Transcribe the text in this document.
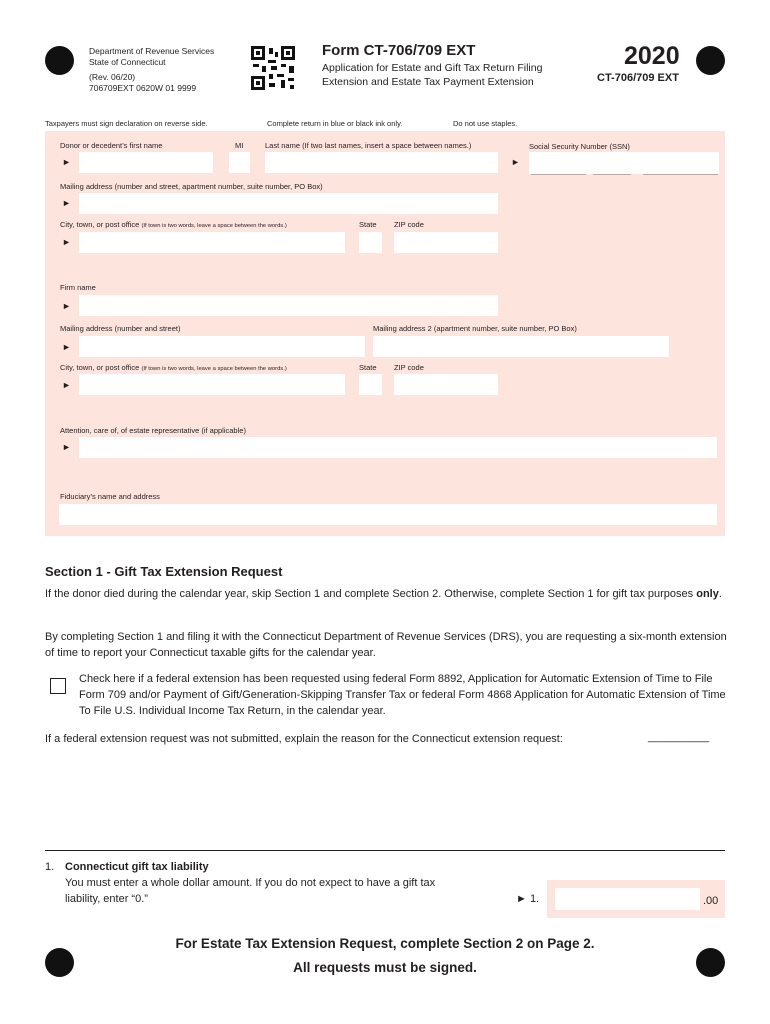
Department of Revenue Services
State of Connecticut
(Rev. 06/20)
706709EXT 0620W 01 9999
Form CT-706/709 EXT
Application for Estate and Gift Tax Return Filing
Extension and Estate Tax Payment Extension
2020
CT-706/709 EXT
Taxpayers must sign declaration on reverse side.	Complete return in blue or black ink only.	Do not use staples.
Donor or decedent’s first name	MI	Last name (If two last names, insert a space between names.)	Social Security Number (SSN)
►	►
Mailing address (number and street, apartment number, suite number, PO Box)
►
City, town, or post office (If town is two words, leave a space between the words.)	State ZIP code
►
Firm name
►
Mailing address (number and street)	Mailing address 2 (apartment number, suite number, PO Box)
►
City, town, or post office (If town is two words, leave a space between the words.)	State ZIP code
►
Attention, care of, of estate representative (if applicable)
►
Fiduciary’s name and address
Section 1 - Gift Tax Extension Request
If the donor died during the calendar year, skip Section 1 and complete Section 2. Otherwise, complete Section 1 for gift tax purposes only.
By completing Section 1 and filing it with the Connecticut Department of Revenue Services (DRS), you are requesting a six-month extension of time to report your Connecticut taxable gifts for the calendar year.
Check here if a federal extension has been requested using federal Form 8892, Application for Automatic Extension of Time to File Form 709 and/or Payment of Gift/Generation-Skipping Transfer Tax or federal Form 4868 Application for Automatic Extension of Time To File U.S. Individual Income Tax Return, in the calendar year.
If a federal extension request was not submitted, explain the reason for the Connecticut extension request:	__________
1. Connecticut gift tax liability
You must enter a whole dollar amount. If you do not expect to have a gift tax
liability, enter “0.”	► 1.	.00
For Estate Tax Extension Request, complete Section 2 on Page 2.
All requests must be signed.
